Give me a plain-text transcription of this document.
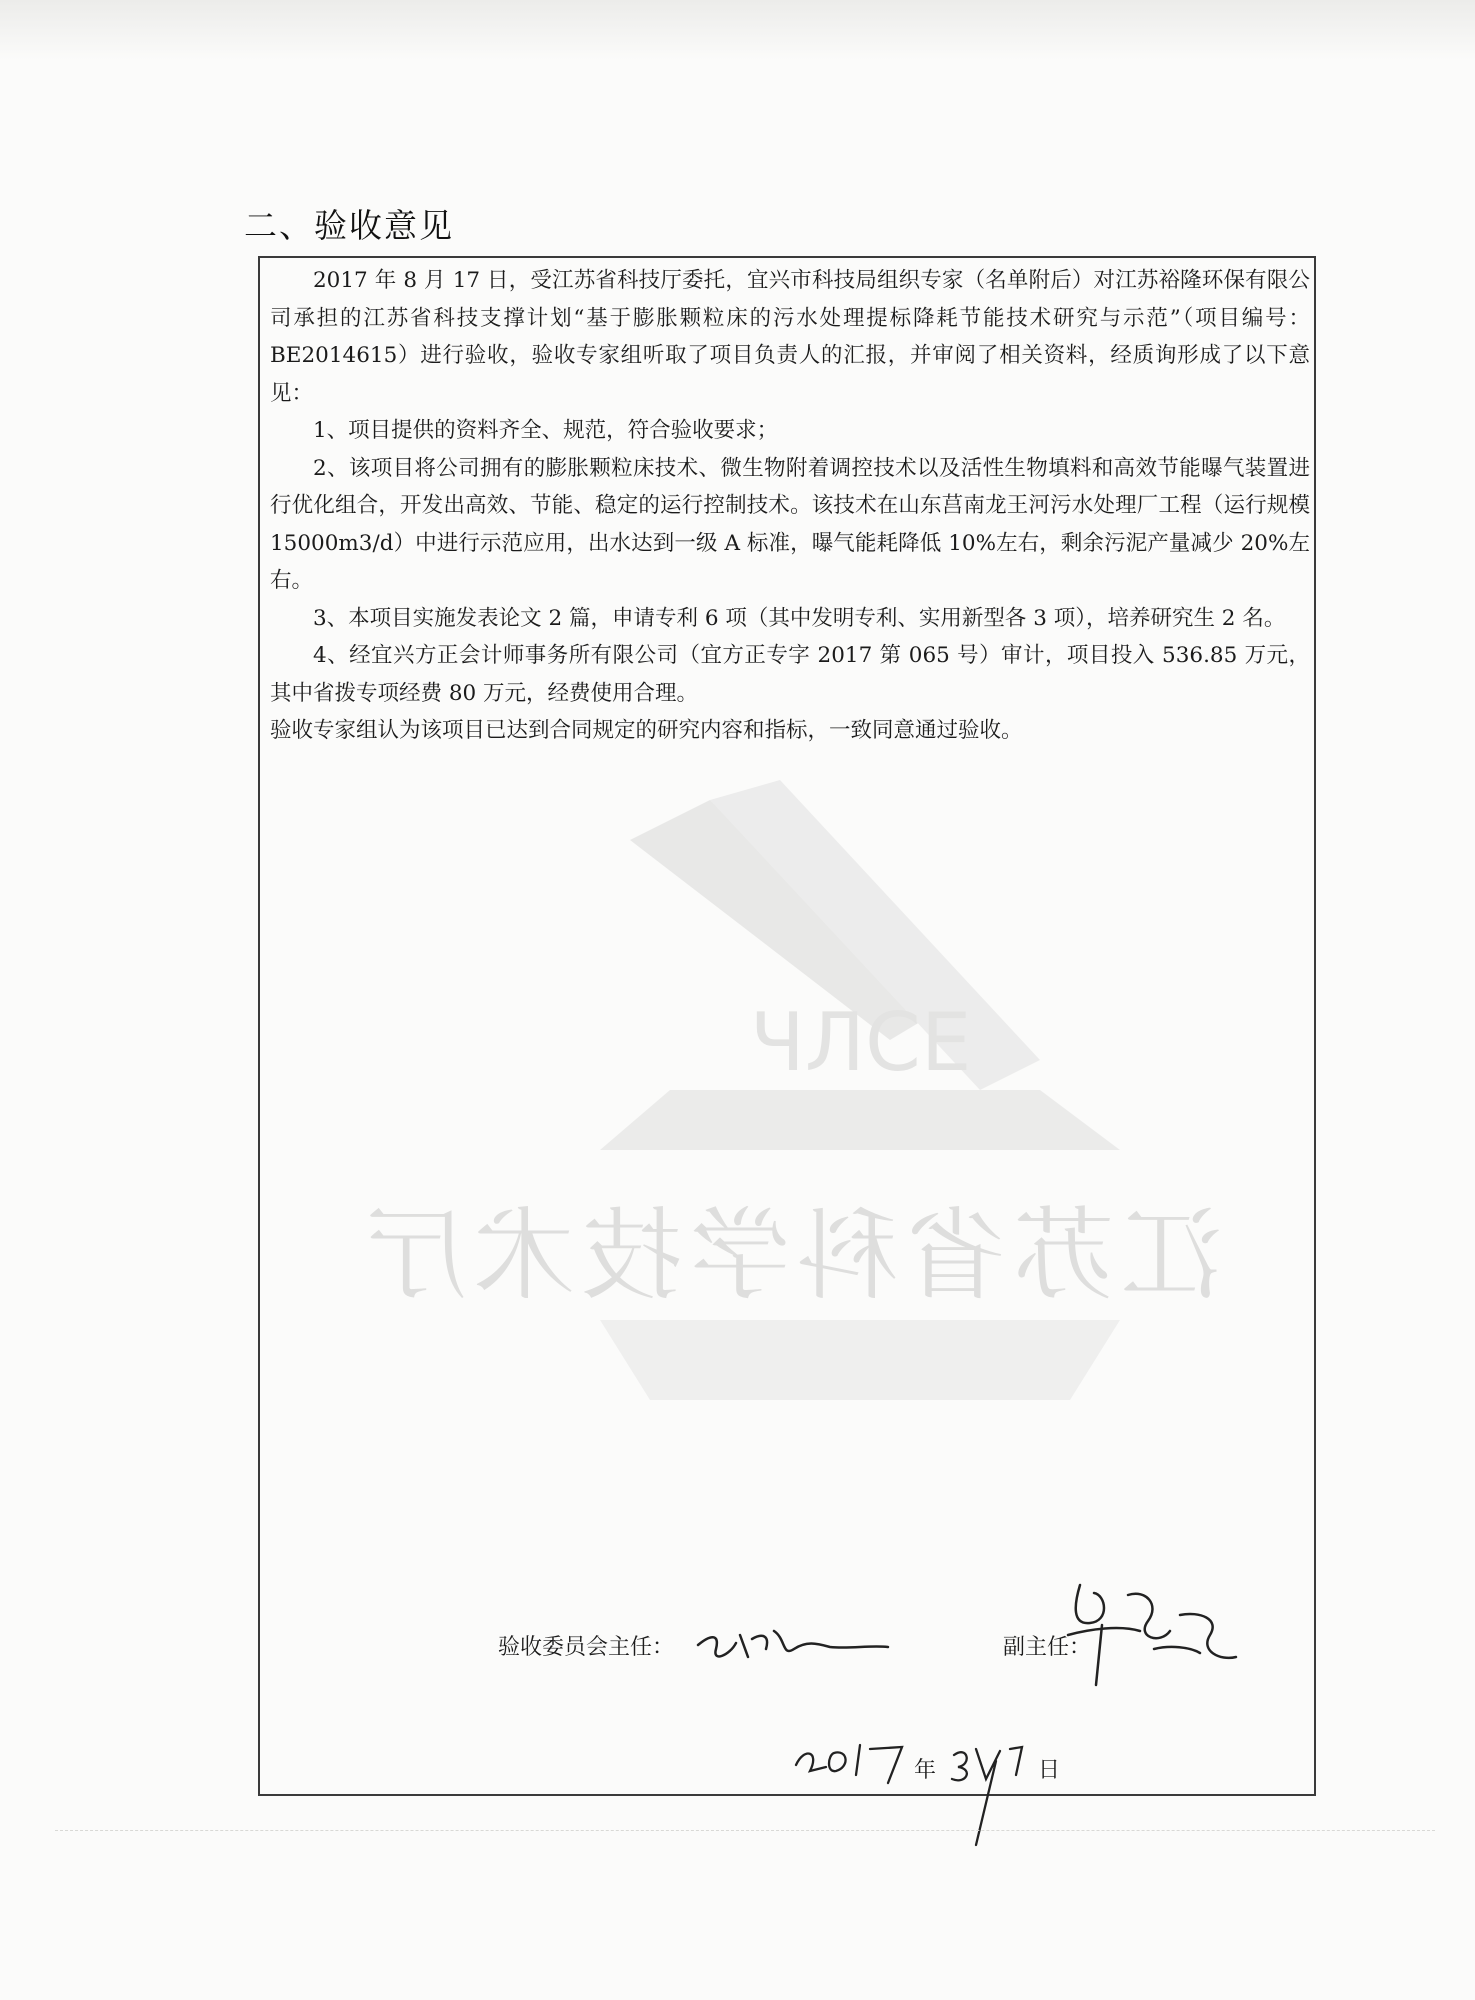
二、验收意见
ЧЛСЕ
江苏省科学技术厅

2017 年 8 月 17 日，受江苏省科技厅委托，宜兴市科技局组织专家（名单附后）对江苏裕隆环保有限公司承担的江苏省科技支撑计划“基于膨胀颗粒床的污水处理提标降耗节能技术研究与示范”（项目编号：BE2014615）进行验收，验收专家组听取了项目负责人的汇报，并审阅了相关资料，经质询形成了以下意见：

1、项目提供的资料齐全、规范，符合验收要求；

2、该项目将公司拥有的膨胀颗粒床技术、微生物附着调控技术以及活性生物填料和高效节能曝气装置进行优化组合，开发出高效、节能、稳定的运行控制技术。该技术在山东莒南龙王河污水处理厂工程（运行规模 15000m3/d）中进行示范应用，出水达到一级 A 标准，曝气能耗降低 10%左右，剩余污泥产量减少 20%左右。

3、本项目实施发表论文 2 篇，申请专利 6 项（其中发明专利、实用新型各 3 项），培养研究生 2 名。

4、经宜兴方正会计师事务所有限公司（宜方正专字 2017 第 065 号）审计，项目投入 536.85 万元，其中省拨专项经费 80 万元，经费使用合理。

验收专家组认为该项目已达到合同规定的研究内容和指标，一致同意通过验收。

验收委员会主任：	副主任：
年	日
